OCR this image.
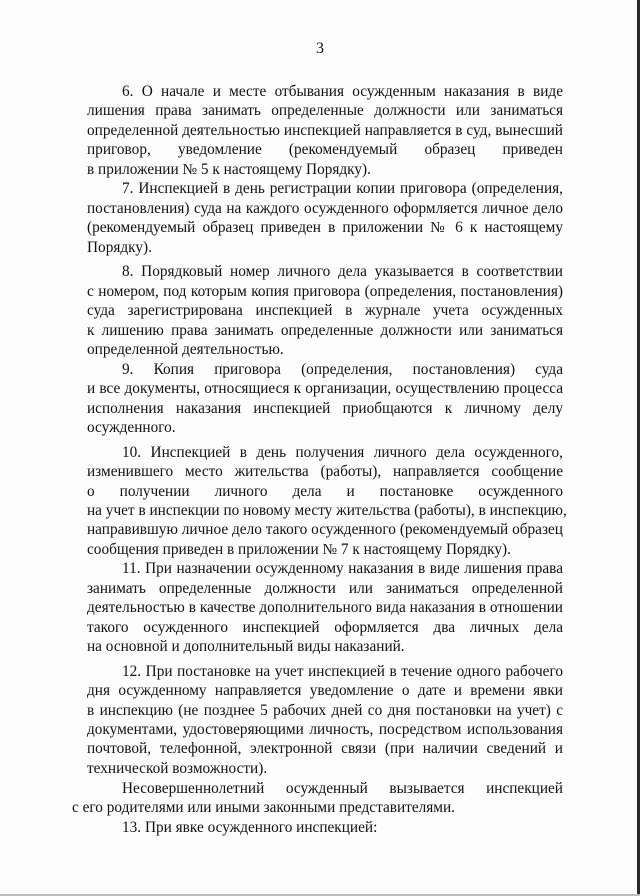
3
6. О начале и месте отбывания осужденным наказания в виде
лишения права занимать определенные должности или заниматься
определенной деятельностью инспекцией направляется в суд, вынесший
приговор, уведомление (рекомендуемый образец приведен
в приложении № 5 к настоящему Порядку).
7. Инспекцией в день регистрации копии приговора (определения,
постановления) суда на каждого осужденного оформляется личное дело
(рекомендуемый образец приведен в приложении № 6 к настоящему
Порядку).
8. Порядковый номер личного дела указывается в соответствии
с номером, под которым копия приговора (определения, постановления)
суда зарегистрирована инспекцией в журнале учета осужденных
к лишению права занимать определенные должности или заниматься
определенной деятельностью.
9. Копия приговора (определения, постановления) суда
и все документы, относящиеся к организации, осуществлению процесса
исполнения наказания инспекцией приобщаются к личному делу
осужденного.
10. Инспекцией в день получения личного дела осужденного,
изменившего место жительства (работы), направляется сообщение
о получении личного дела и постановке осужденного
на учет в инспекции по новому месту жительства (работы), в инспекцию,
направившую личное дело такого осужденного (рекомендуемый образец
сообщения приведен в приложении № 7 к настоящему Порядку).
11. При назначении осужденному наказания в виде лишения права
занимать определенные должности или заниматься определенной
деятельностью в качестве дополнительного вида наказания в отношении
такого осужденного инспекцией оформляется два личных дела
на основной и дополнительный виды наказаний.
12. При постановке на учет инспекцией в течение одного рабочего
дня осужденному направляется уведомление о дате и времени явки
в инспекцию (не позднее 5 рабочих дней со дня постановки на учет) с
документами, удостоверяющими личность, посредством использования
почтовой, телефонной, электронной связи (при наличии сведений и
технической возможности).
Несовершеннолетний осужденный вызывается инспекцией
с его родителями или иными законными представителями.
13. При явке осужденного инспекцией:
